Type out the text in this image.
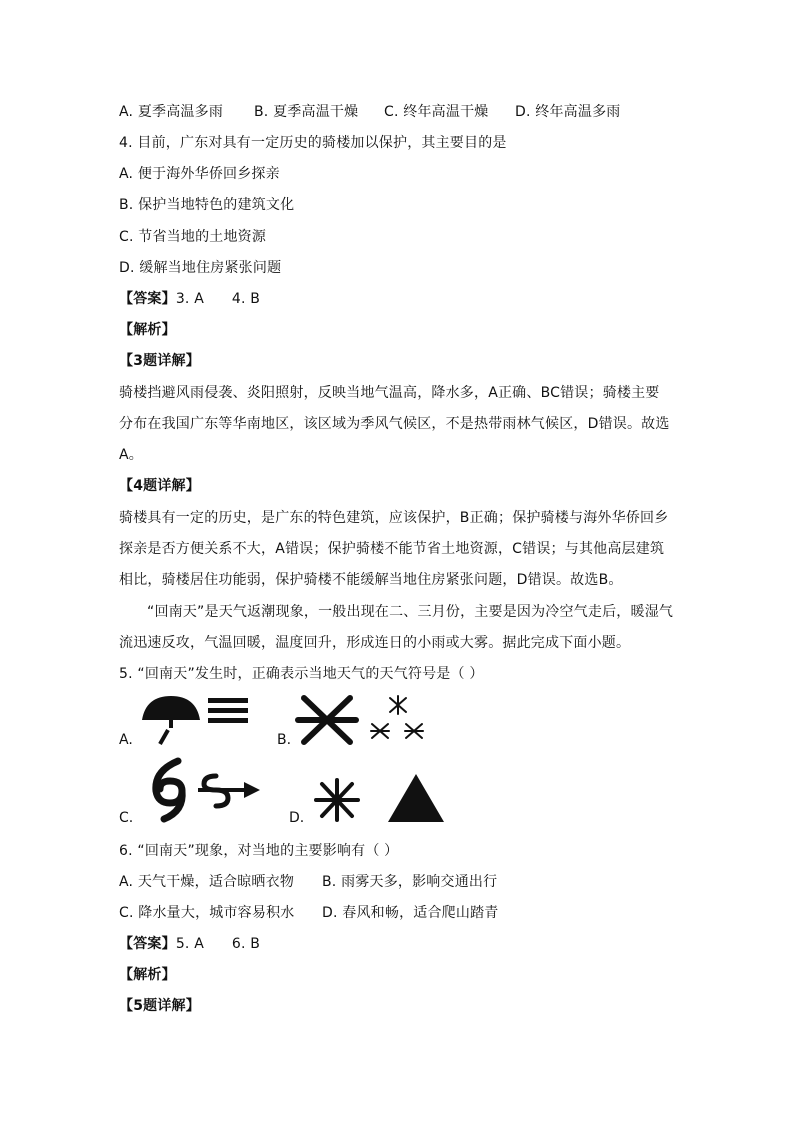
A. 夏季高温多雨 B. 夏季高温干燥 C. 终年高温干燥 D. 终年高温多雨
4. 目前，广东对具有一定历史的骑楼加以保护，其主要目的是
A. 便于海外华侨回乡探亲
B. 保护当地特色的建筑文化
C. 节省当地的土地资源
D. 缓解当地住房紧张问题
【答案】3. A      4. B
【解析】
【3题详解】
骑楼挡避风雨侵袭、炎阳照射，反映当地气温高，降水多，A正确、BC错误；骑楼主要
分布在我国广东等华南地区，该区域为季风气候区，不是热带雨林气候区，D错误。故选
A。
【4题详解】
骑楼具有一定的历史，是广东的特色建筑，应该保护，B正确；保护骑楼与海外华侨回乡
探亲是否方便关系不大，A错误；保护骑楼不能节省土地资源，C错误；与其他高层建筑
相比，骑楼居住功能弱，保护骑楼不能缓解当地住房紧张问题，D错误。故选B。
“回南天”是天气返潮现象，一般出现在二、三月份，主要是因为冷空气走后，暖湿气
流迅速反攻，气温回暖，温度回升，形成连日的小雨或大雾。据此完成下面小题。
5. “回南天”发生时，正确表示当地天气的天气符号是（ ）
A.	B.
C.	D.
6. “回南天”现象，对当地的主要影响有（ ）
A. 天气干燥，适合晾晒衣物 B. 雨雾天多，影响交通出行
C. 降水量大，城市容易积水 D. 春风和畅，适合爬山踏青
【答案】5. A      6. B
【解析】
【5题详解】
